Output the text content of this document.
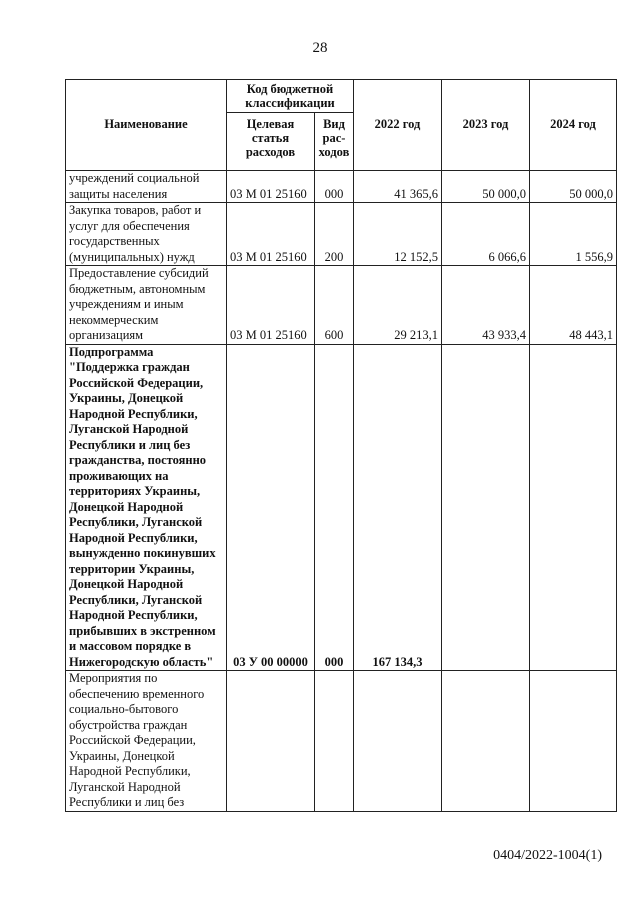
28
Наименование	Код бюджетной классификации		2022 год	2023 год	2024 год
	Целевая статья расходов	Вид рас-ходов			
учреждений социальной защиты населения	03 М 01 25160	000	41 365,6	50 000,0	50 000,0
Закупка товаров, работ и услуг для обеспечения государственных (муниципальных) нужд	03 М 01 25160	200	12 152,5	6 066,6	1 556,9
Предоставление субсидий бюджетным, автономным учреждениям и иным некоммерческим организациям	03 М 01 25160	600	29 213,1	43 933,4	48 443,1
Подпрограмма "Поддержка граждан Российской Федерации, Украины, Донецкой Народной Республики, Луганской Народной Республики и лиц без гражданства, постоянно проживающих на территориях Украины, Донецкой Народной Республики, Луганской Народной Республики, вынужденно покинувших территории Украины, Донецкой Народной Республики, Луганской Народной Республики, прибывших в экстренном и массовом порядке в Нижегородскую область"	03 У 00 00000	000	167 134,3		
Мероприятия по обеспечению временного социально-бытового обустройства граждан Российской Федерации, Украины, Донецкой Народной Республики, Луганской Народной Республики и лиц без					
0404/2022-1004(1)
